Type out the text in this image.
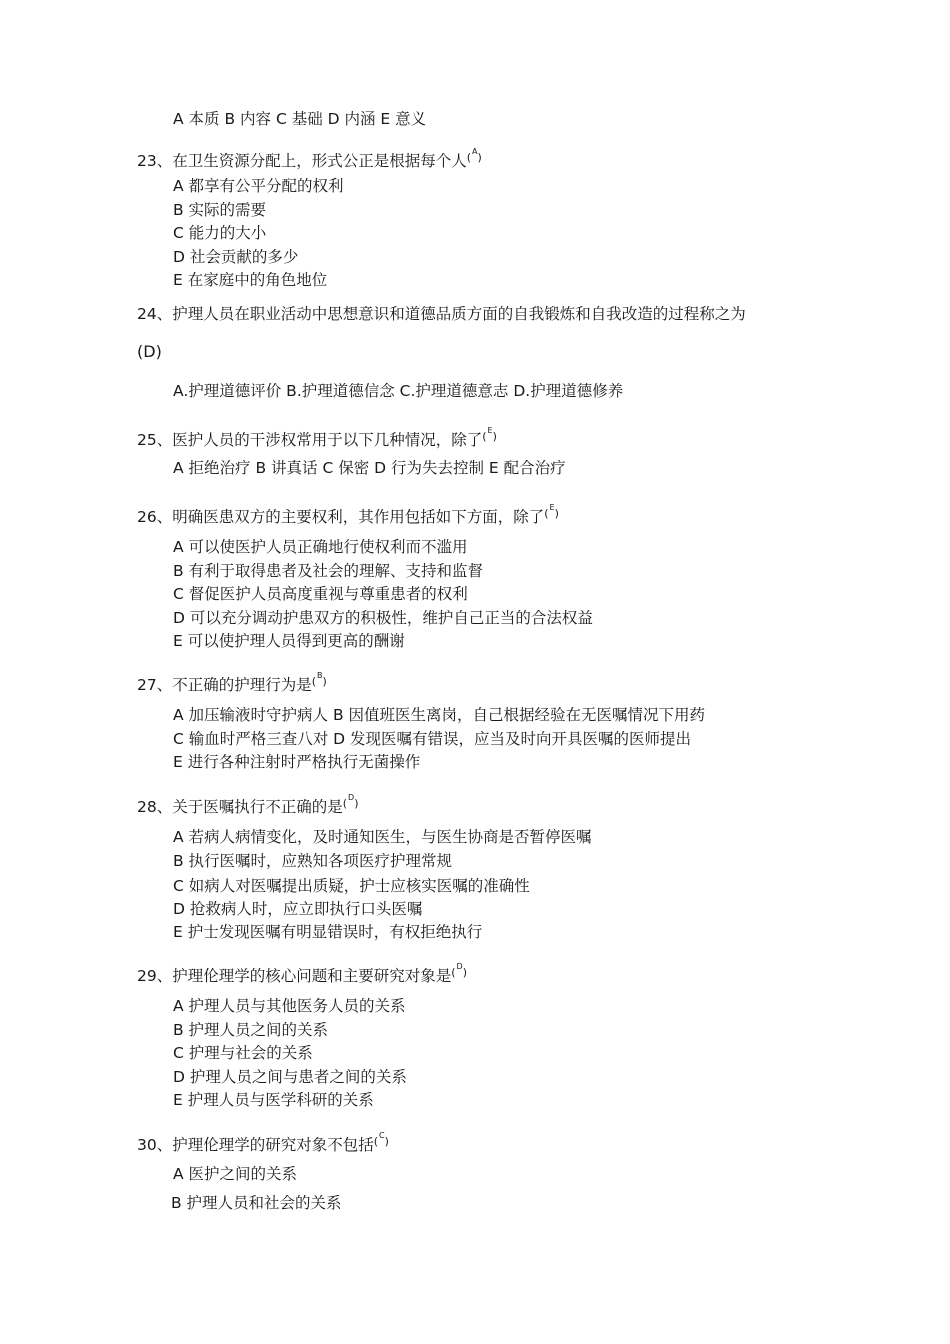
A 本质 B 内容 C 基础 D 内涵 E 意义
23、在卫生资源分配上，形式公正是根据每个人$^{(^A)}$
A 都享有公平分配的权利
B 实际的需要
C 能力的大小
D 社会贡献的多少
E 在家庭中的角色地位
24、护理人员在职业活动中思想意识和道德品质方面的自我锻炼和自我改造的过程称之为
(D)
A.护理道德评价 B.护理道德信念 C.护理道德意志 D.护理道德修养
25、医护人员的干涉权常用于以下几种情况，除了$^{(^E)}$
A 拒绝治疗 B 讲真话 C 保密 D 行为失去控制 E 配合治疗
26、明确医患双方的主要权利，其作用包括如下方面，除了$^{(^E)}$
A 可以使医护人员正确地行使权利而不滥用
B 有利于取得患者及社会的理解、支持和监督
C 督促医护人员高度重视与尊重患者的权利
D 可以充分调动护患双方的积极性，维护自己正当的合法权益
E 可以使护理人员得到更高的酬谢
27、不正确的护理行为是$^{(^B)}$
A 加压输液时守护病人 B 因值班医生离岗，自己根据经验在无医嘱情况下用药
C 输血时严格三查八对 D 发现医嘱有错误，应当及时向开具医嘱的医师提出
E 进行各种注射时严格执行无菌操作
28、关于医嘱执行不正确的是$^{(^D)}$
A 若病人病情变化，及时通知医生，与医生协商是否暂停医嘱
B 执行医嘱时，应熟知各项医疗护理常规
C 如病人对医嘱提出质疑，护士应核实医嘱的准确性
D 抢救病人时，应立即执行口头医嘱
E 护士发现医嘱有明显错误时，有权拒绝执行
29、护理伦理学的核心问题和主要研究对象是$^{(^D)}$
A 护理人员与其他医务人员的关系
B 护理人员之间的关系
C 护理与社会的关系
D 护理人员之间与患者之间的关系
E 护理人员与医学科研的关系
30、护理伦理学的研究对象不包括$^{(^C)}$
A 医护之间的关系
B 护理人员和社会的关系
